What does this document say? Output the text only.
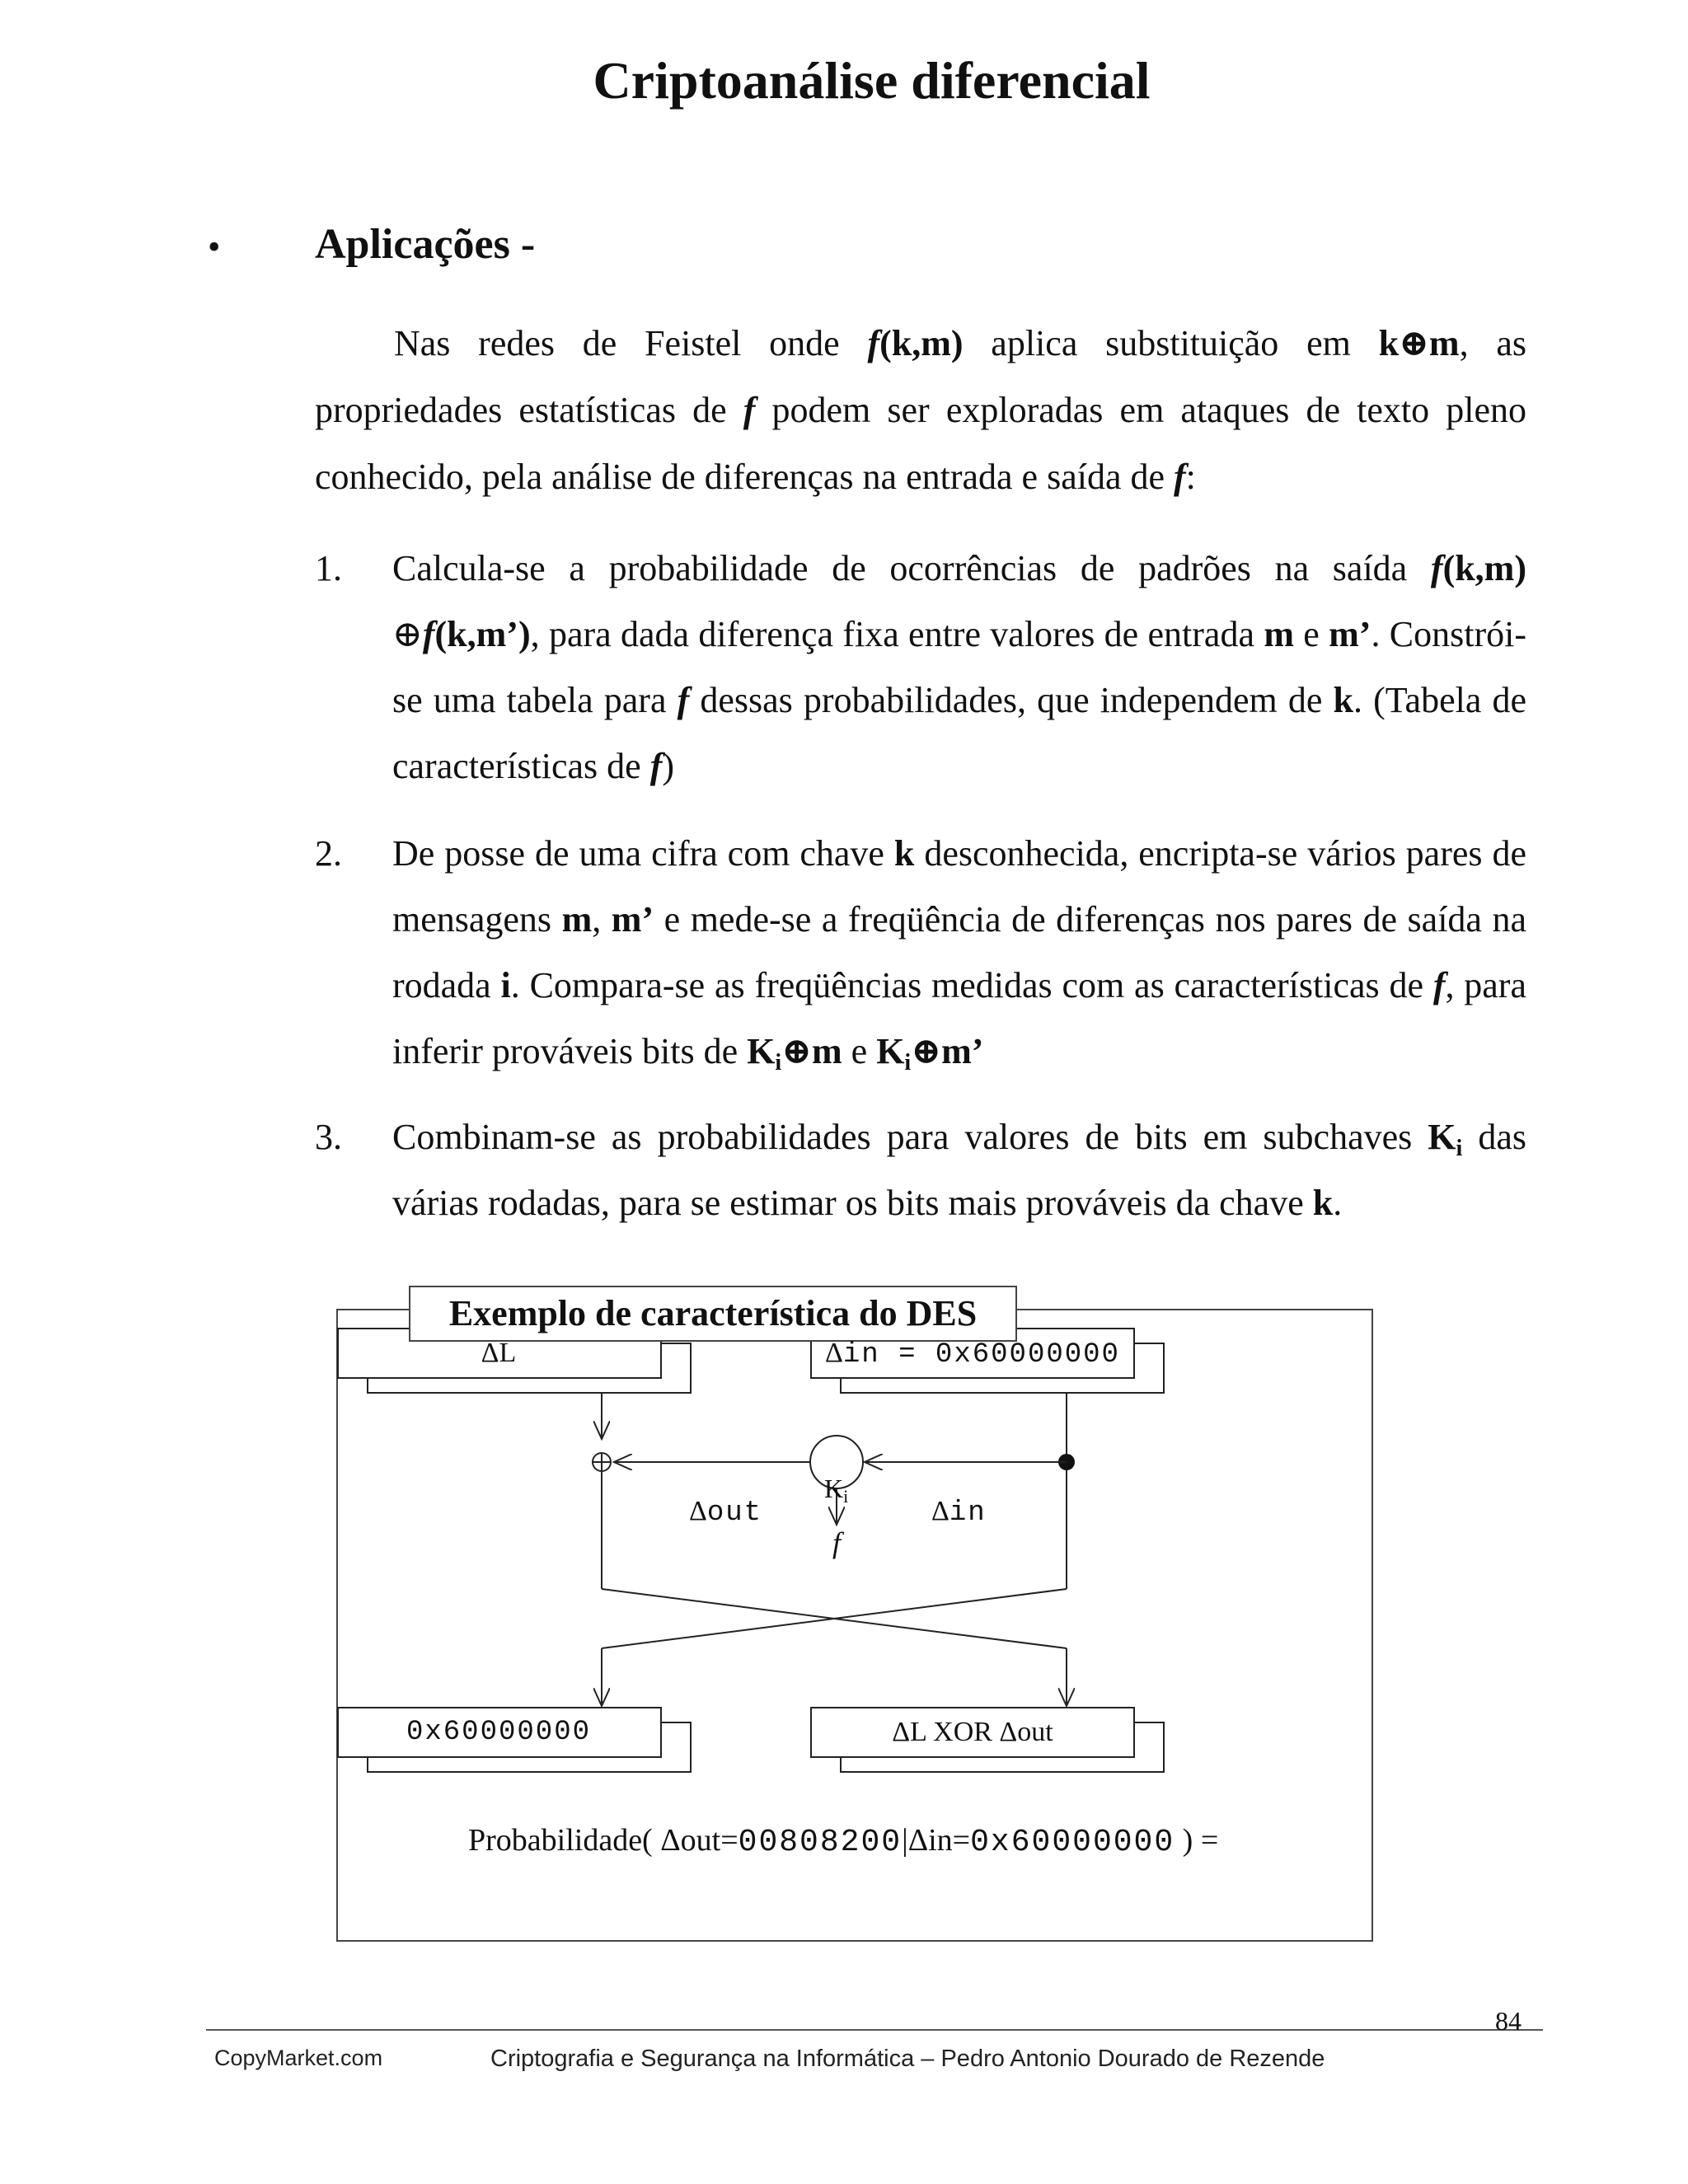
Criptoanálise diferencial
• Aplicações -
Nas redes de Feistel onde f(k,m) aplica substituição em k⊕m, as propriedades estatísticas de f podem ser exploradas em ataques de texto pleno conhecido, pela análise de diferenças na entrada e saída de f:
1.	Calcula-se a probabilidade de ocorrências de padrões na saída f(k,m) ⊕f(k,m’), para dada diferença fixa entre valores de entrada m e m’. Constrói-se uma tabela para f dessas probabilidades, que independem de k. (Tabela de características de f)
2.	De posse de uma cifra com chave k desconhecida, encripta-se vários pares de mensagens m, m’ e mede-se a freqüência de diferenças nos pares de saída na rodada i. Compara-se as freqüências medidas com as características de f, para inferir prováveis bits de $K_i\oplus m$ e $K_i\oplus m$’
3.	Combinam-se as probabilidades para valores de bits em subchaves $K_i$ das várias rodadas, para se estimar os bits mais prováveis da chave k.
Exemplo de característica do DES
ΔL	Δin = 0x60000000
$K_i$
Δout	Δin
f
0x60000000	ΔL XOR Δout
Probabilidade( Δout=00808200|Δin=0x60000000 ) =
84
CopyMarket.com	Criptografia e Segurança na Informática – Pedro Antonio Dourado de Rezende
